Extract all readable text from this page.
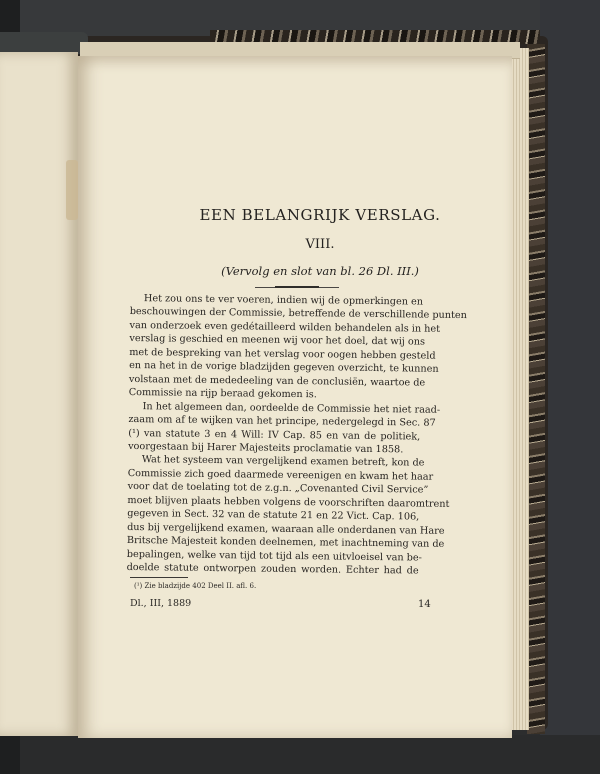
EEN BELANGRIJK VERSLAG.
VIII.
(Vervolg en slot van bl. 26 Dl. III.)
Het zou ons te ver voeren, indien wij de opmerkingen en
beschouwingen der Commissie, betreffende de verschillende punten
van onderzoek even gedétailleerd wilden behandelen als in het
verslag is geschied en meenen wij voor het doel, dat wij ons
met de bespreking van het verslag voor oogen hebben gesteld
en na het in de vorige bladzijden gegeven overzicht, te kunnen
volstaan met de mededeeling van de conclusiën, waartoe de
Commissie na rijp beraad gekomen is.
In het algemeen dan, oordeelde de Commissie het niet raad-
zaam om af te wijken van het principe, nedergelegd in Sec. 87
(¹) van statute 3 en 4 Will: IV Cap. 85 en van de politiek,
voorgestaan bij Harer Majesteits proclamatie van 1858.
Wat het systeem van vergelijkend examen betreft, kon de
Commissie zich goed daarmede vereenigen en kwam het haar
voor dat de toelating tot de z.g.n. „Covenanted Civil Service”
moet blijven plaats hebben volgens de voorschriften daaromtrent
gegeven in Sect. 32 van de statute 21 en 22 Vict. Cap. 106,
dus bij vergelijkend examen, waaraan alle onderdanen van Hare
Britsche Majesteit konden deelnemen, met inachtneming van de
bepalingen, welke van tijd tot tijd als een uitvloeisel van be-
doelde statute ontworpen zouden worden. Echter had de
(¹) Zie bladzijde 402 Deel II. afl. 6.
Dl., III, 1889	14
